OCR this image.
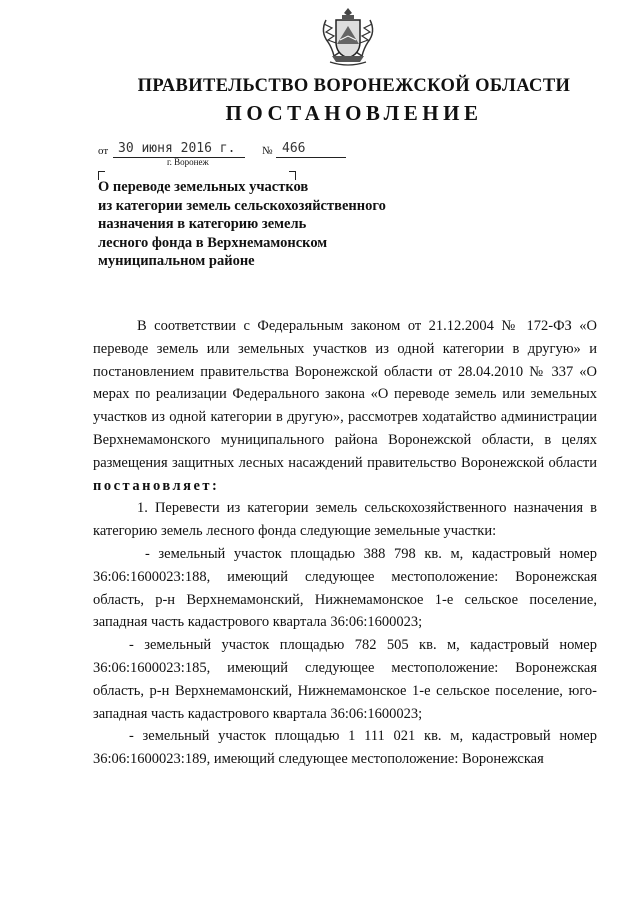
ПРАВИТЕЛЬСТВО ВОРОНЕЖСКОЙ ОБЛАСТИ
ПОСТАНОВЛЕНИЕ
от 30 июня 2016 г. № 466
г. Воронеж
О переводе земельных участков
из категории земель сельскохозяйственного
назначения в категорию земель
лесного фонда в Верхнемамонском
муниципальном районе

В соответствии с Федеральным законом от 21.12.2004 № 172-ФЗ «О переводе земель или земельных участков из одной категории в другую» и постановлением правительства Воронежской области от 28.04.2010 № 337 «О мерах по реализации Федерального закона «О переводе земель или земельных участков из одной категории в другую», рассмотрев ходатайство администрации Верхнемамонского муниципального района Воронежской области, в целях размещения защитных лесных насаждений правительство Воронежской области постановляет:

1. Перевести из категории земель сельскохозяйственного назначения в категорию земель лесного фонда следующие земельные участки:

- земельный участок площадью 388 798 кв. м, кадастровый номер 36:06:1600023:188, имеющий следующее местоположение: Воронежская область, р-н Верхнемамонский, Нижнемамонское 1-е сельское поселение, западная часть кадастрового квартала 36:06:1600023;

- земельный участок площадью 782 505 кв. м, кадастровый номер 36:06:1600023:185, имеющий следующее местоположение: Воронежская область, р-н Верхнемамонский, Нижнемамонское 1-е сельское поселение, юго-западная часть кадастрового квартала 36:06:1600023;

- земельный участок площадью 1 111 021 кв. м, кадастровый номер 36:06:1600023:189, имеющий следующее местоположение: Воронежская
